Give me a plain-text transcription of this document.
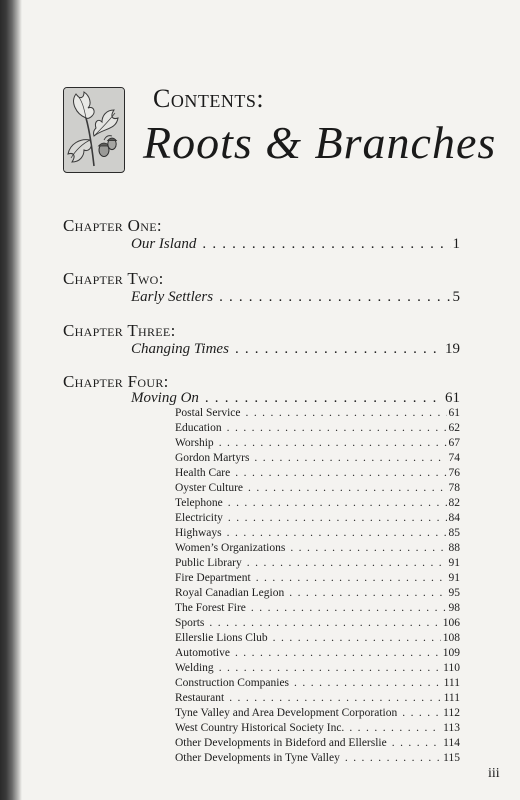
Contents:
Roots & Branches
Chapter One:
Our Island . . .	1
Chapter Two:
Early Settlers . . .	5
Chapter Three:
Changing Times . . .	19
Chapter Four:
Moving On . . .	61
Postal Service . . .	61
Education . . .	62
Worship . . .	67
Gordon Martyrs . . .	74
Health Care . . .	76
Oyster Culture . . .	78
Telephone . . .	82
Electricity . . .	84
Highways . . .	85
Women’s Organizations . . .	88
Public Library . . .	91
Fire Department . . .	91
Royal Canadian Legion . . .	95
The Forest Fire . . .	98
Sports . . .	106
Ellerslie Lions Club . . .	108
Automotive . . .	109
Welding . . .	110
Construction Companies . . .	111
Restaurant . . .	111
Tyne Valley and Area Development Corporation . . .	112
West Country Historical Society Inc. . . .	113
Other Developments in Bideford and Ellerslie . . .	114
Other Developments in Tyne Valley . . .	115
iii
